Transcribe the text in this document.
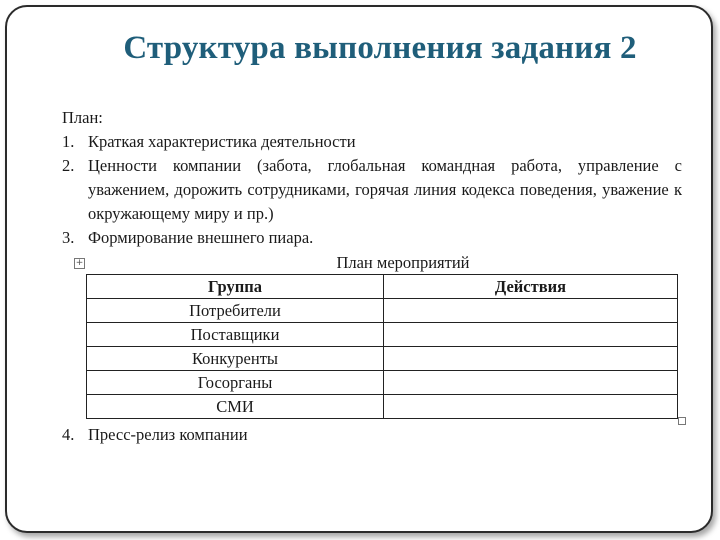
Структура выполнения задания 2

План:

1. Краткая характеристика деятельности
2. Ценности компании (забота, глобальная командная работа, управление с уважением, дорожить сотрудниками, горячая линия кодекса поведения, уважение к окружающему миру и пр.)
3. Формирование внешнего пиара.
+	План мероприятий
Группа	Действия
Потребители	
Поставщики	
Конкуренты	
Госорганы	
СМИ	
4. Пресс-релиз компании
